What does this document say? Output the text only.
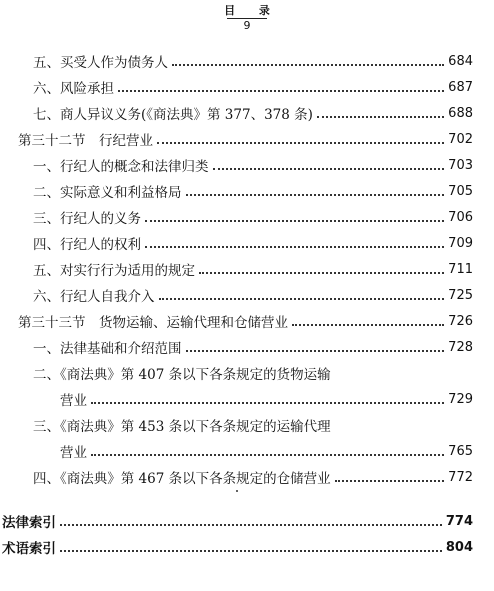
目 录
9
五、买受人作为债务人	684
六、风险承担	687
七、商人异议义务(《商法典》第 377、378 条)	688
第三十二节　行纪营业	702
一、行纪人的概念和法律归类	703
二、实际意义和利益格局	705
三、行纪人的义务	706
四、行纪人的权利	709
五、对实行行为适用的规定	711
六、行纪人自我介入	725
第三十三节　货物运输、运输代理和仓储营业	726
一、法律基础和介绍范围	728
二、《商法典》第 407 条以下各条规定的货物运输
营业	729
三、《商法典》第 453 条以下各条规定的运输代理
营业	765
四、《商法典》第 467 条以下各条规定的仓储营业	772
法律索引	774
术语索引	804
